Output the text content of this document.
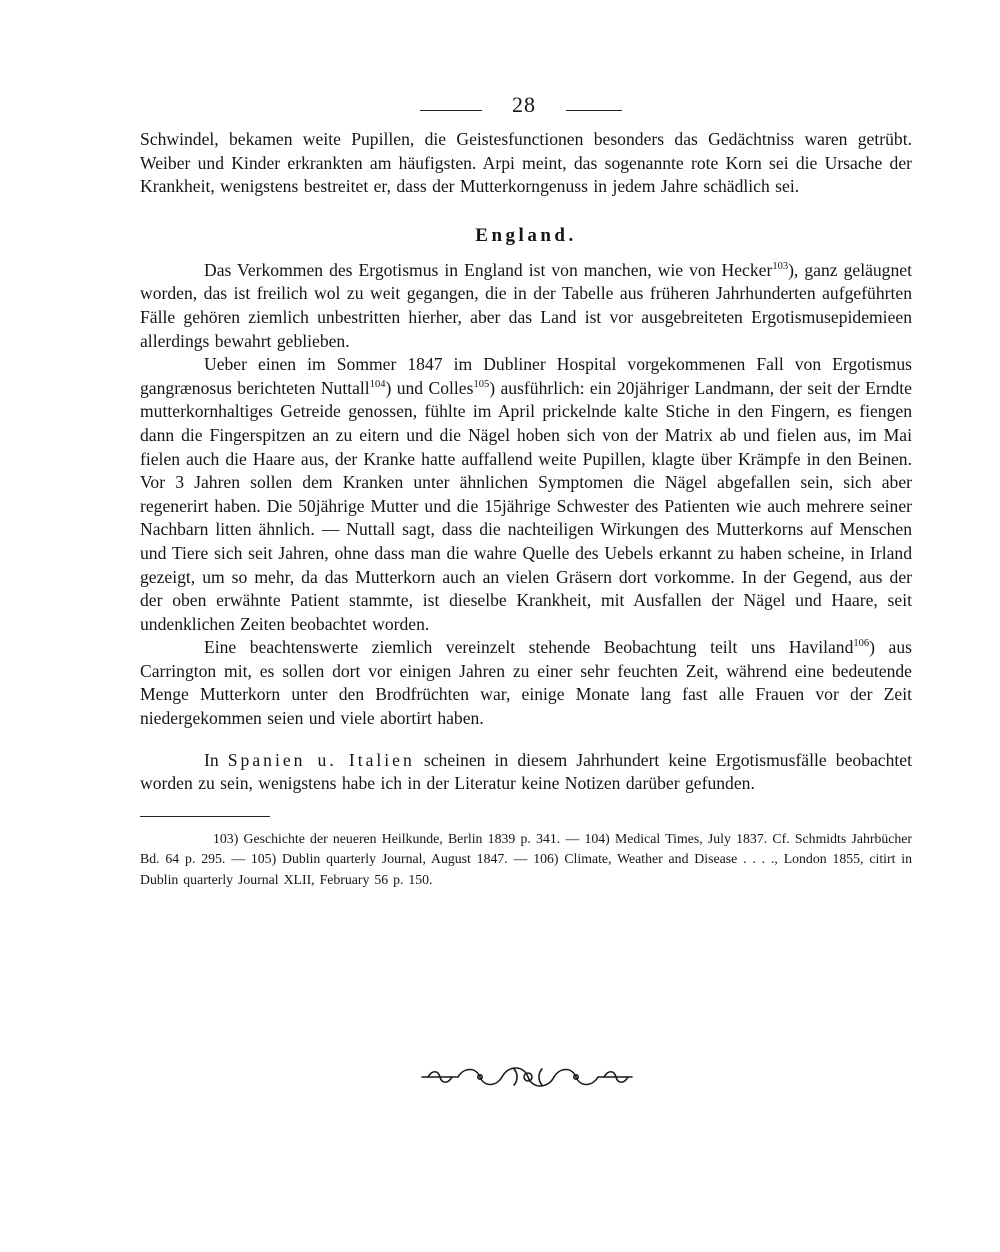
28

Schwindel, bekamen weite Pupillen, die Geistesfunctionen besonders das Gedächtniss waren getrübt. Weiber und Kinder erkrankten am häufigsten. Arpi meint, das sogenannte rote Korn sei die Ursache der Krankheit, wenigstens bestreitet er, dass der Mutterkorngenuss in jedem Jahre schädlich sei.

England.

Das Verkommen des Ergotismus in England ist von manchen, wie von Hecker$^{103}$), ganz geläugnet worden, das ist freilich wol zu weit gegangen, die in der Tabelle aus früheren Jahrhunderten aufgeführten Fälle gehören ziemlich unbestritten hierher, aber das Land ist vor ausgebreiteten Ergotismusepidemieen allerdings bewahrt geblieben.

Ueber einen im Sommer 1847 im Dubliner Hospital vorgekommenen Fall von Ergotismus gangrænosus berichteten Nuttall$^{104}$) und Colles$^{105}$) ausführlich: ein 20jähriger Landmann, der seit der Erndte mutterkornhaltiges Getreide genossen, fühlte im April prickelnde kalte Stiche in den Fingern, es fiengen dann die Fingerspitzen an zu eitern und die Nägel hoben sich von der Matrix ab und fielen aus, im Mai fielen auch die Haare aus, der Kranke hatte auffallend weite Pupillen, klagte über Krämpfe in den Beinen. Vor 3 Jahren sollen dem Kranken unter ähnlichen Symptomen die Nägel abgefallen sein, sich aber regenerirt haben. Die 50jährige Mutter und die 15jährige Schwester des Patienten wie auch mehrere seiner Nachbarn litten ähnlich. — Nuttall sagt, dass die nachteiligen Wirkungen des Mutterkorns auf Menschen und Tiere sich seit Jahren, ohne dass man die wahre Quelle des Uebels erkannt zu haben scheine, in Irland gezeigt, um so mehr, da das Mutterkorn auch an vielen Gräsern dort vorkomme. In der Gegend, aus der der oben erwähnte Patient stammte, ist dieselbe Krankheit, mit Ausfallen der Nägel und Haare, seit undenklichen Zeiten beobachtet worden.

Eine beachtenswerte ziemlich vereinzelt stehende Beobachtung teilt uns Haviland$^{106}$) aus Carrington mit, es sollen dort vor einigen Jahren zu einer sehr feuchten Zeit, während eine bedeutende Menge Mutterkorn unter den Brodfrüchten war, einige Monate lang fast alle Frauen vor der Zeit niedergekommen seien und viele abortirt haben.

In Spanien u. Italien scheinen in diesem Jahrhundert keine Ergotismusfälle beobachtet worden zu sein, wenigstens habe ich in der Literatur keine Notizen darüber gefunden.

103) Geschichte der neueren Heilkunde, Berlin 1839 p. 341. — 104) Medical Times, July 1837. Cf. Schmidts Jahrbücher Bd. 64 p. 295. — 105) Dublin quarterly Journal, August 1847. — 106) Climate, Weather and Disease . . . ., London 1855, citirt in Dublin quarterly Journal XLII, February 56 p. 150.
